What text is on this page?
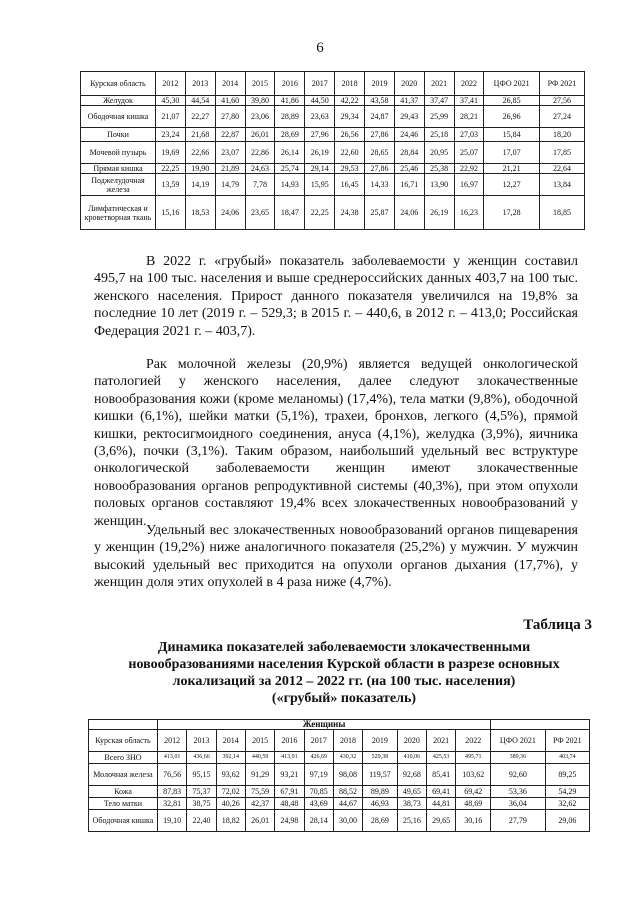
6
Курская область	2012	2013	2014	2015	2016	2017	2018	2019	2020	2021	2022	ЦФО 2021	РФ 2021
Желудок	45,30	44,54	41,60	39,80	41,86	44,50	42,22	43,58	41,37	37,47	37,41	26,85	27,56
Ободочная кишка	21,07	22,27	27,80	23,06	28,89	23,63	29,34	24,87	29,43	25,99	28,21	26,96	27,24
Почки	23,24	21,68	22,87	26,01	28,69	27,96	26,56	27,86	24,46	25,18	27,03	15,84	18,20
Мочевой пузырь	19,69	22,66	23,07	22,86	26,14	26,19	22,60	28,65	28,84	20,95	25,07	17,07	17,85
Прямая кишка	22,25	19,90	21,89	24,63	25,74	29,14	29,53	27,86	25,46	25,38	22,92	21,21	22,64
Поджелудочная железа	13,59	14,19	14,79	7,78	14,93	15,95	16,45	14,33	16,71	13,90	16,97	12,27	13,84
Лимфатическая и кроветворная ткань	15,16	18,53	24,06	23,65	18,47	22,25	24,38	25,87	24,06	26,19	16,23	17,28	18,85

В 2022 г. «грубый» показатель заболеваемости у женщин составил 495,7 на 100 тыс. населения и выше среднероссийских данных 403,7 на 100 тыс. женского населения. Прирост данного показателя увеличился на 19,8% за последние 10 лет (2019 г. – 529,3; в 2015 г. – 440,6, в 2012 г. – 413,0; Российская Федерация 2021 г. – 403,7).

Рак молочной железы (20,9%) является ведущей онкологической патологией у женского населения, далее следуют злокачественные новообразования кожи (кроме меланомы) (17,4%), тела матки (9,8%), ободочной кишки (6,1%), шейки матки (5,1%), трахеи, бронхов, легкого (4,5%), прямой кишки, ректосигмоидного соединения, ануса (4,1%), желудка (3,9%), яичника (3,6%), почки (3,1%). Таким образом, наибольший удельный вес вструктуре онкологической заболеваемости женщин имеют злокачественные новообразования органов репродуктивной системы (40,3%), при этом опухоли половых органов составляют 19,4% всех злокачественных новообразований у женщин.

Удельный вес злокачественных новообразований органов пищеварения у женщин (19,2%) ниже аналогичного показателя (25,2%) у мужчин. У мужчин высокий удельный вес приходится на опухоли органов дыхания (17,7%), у женщин доля этих опухолей в 4 раза ниже (4,7%).

Таблица 3
Динамика показателей заболеваемости злокачественными
новообразованиями населения Курской области в разрезе основных
локализаций за 2012 – 2022 гг. (на 100 тыс. населения)
(«грубый» показатель)
	Женщины												
Курская область	2012	2013	2014	2015	2016	2017	2018	2019	2020	2021	2022	ЦФО 2021	РФ 2021
Всего ЗНО	413,01	436,66	392,14	440,59	413,91	426,69	430,32	529,38	410,06	425,53	495,71	389,36	403,74
Молочная железа	76,56	95,15	93,62	91,29	93,21	97,19	98,08	119,57	92,68	85,41	103,62	92,60	89,25
Кожа	87,83	75,37	72,02	75,59	67,91	70,85	88,52	89,89	49,65	69,41	69,42	53,36	54,29
Тело матки	32,81	38,75	40,26	42,37	48,48	43,69	44,67	46,93	38,73	44,81	48,69	36,04	32,62
Ободочная кишка	19,10	22,40	18,82	26,01	24,98	28,14	30,00	28,69	25,16	29,65	30,16	27,79	29,06
